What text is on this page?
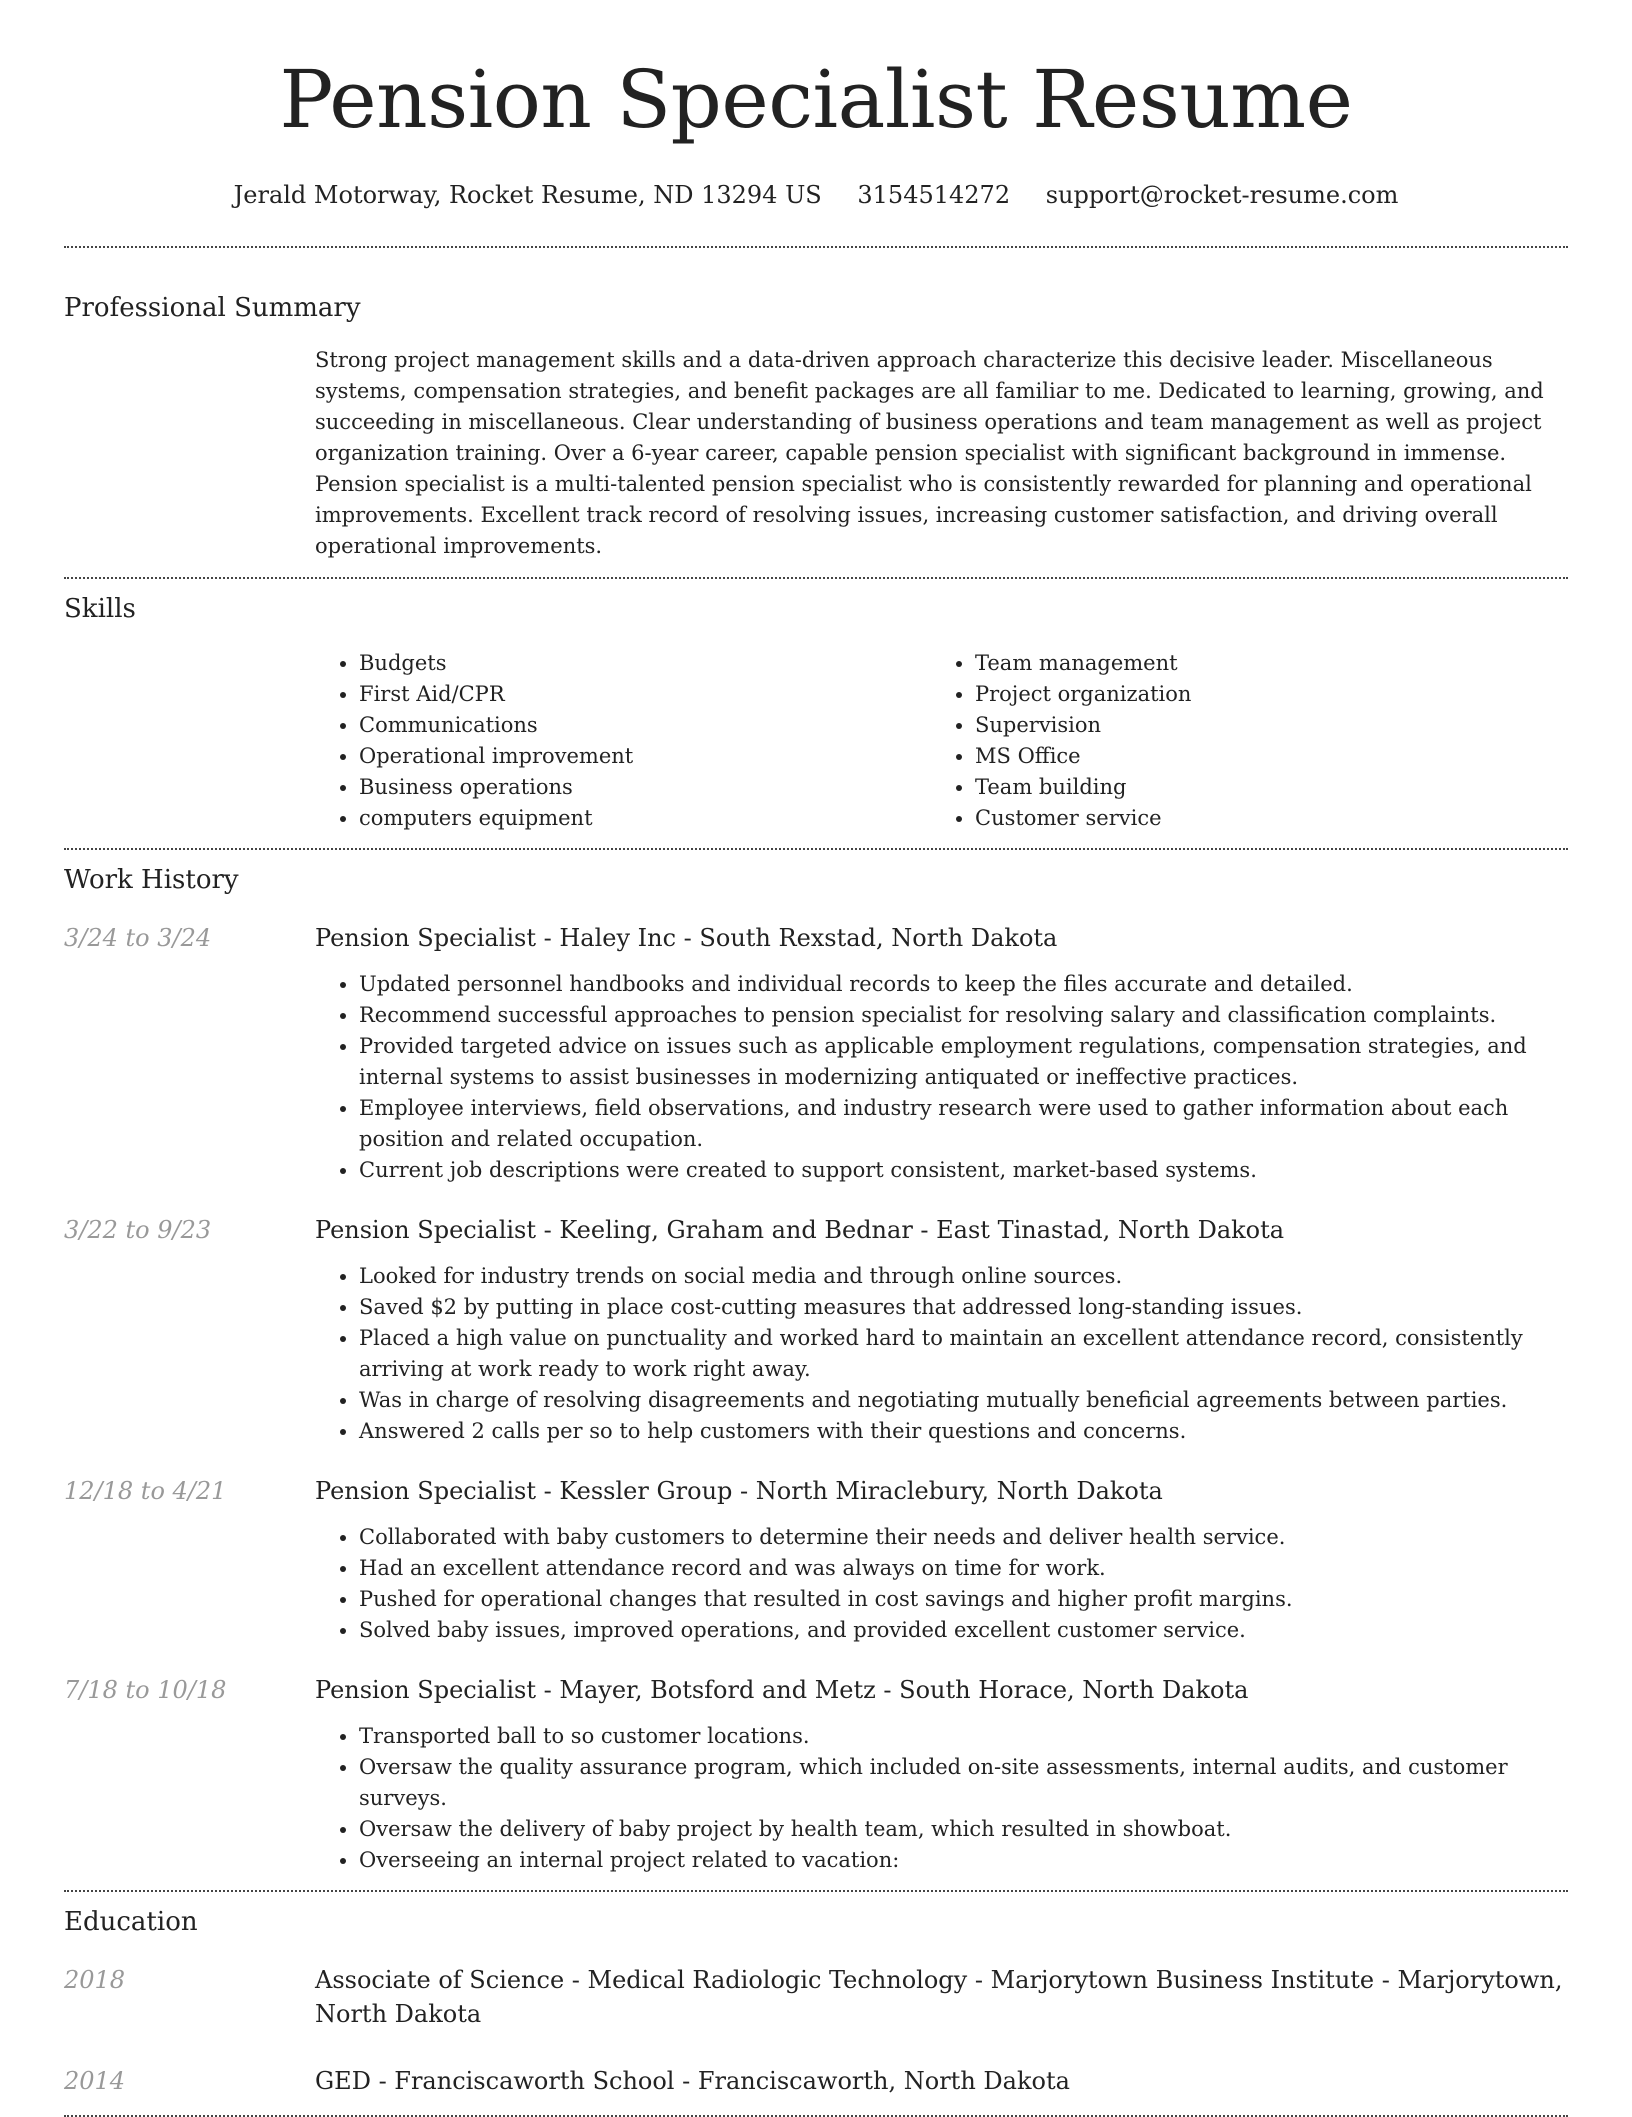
Pension Specialist Resume
Jerald Motorway, Rocket Resume, ND 13294 US 3154514272 support@rocket-resume.com
Professional Summary

Strong project management skills and a data-driven approach characterize this decisive leader. Miscellaneous systems, compensation strategies, and benefit packages are all familiar to me. Dedicated to learning, growing, and succeeding in miscellaneous. Clear understanding of business operations and team management as well as project organization training. Over a 6-year career, capable pension specialist with significant background in immense. Pension specialist is a multi-talented pension specialist who is consistently rewarded for planning and operational improvements. Excellent track record of resolving issues, increasing customer satisfaction, and driving overall operational improvements.

Skills
• Budgets
• First Aid/CPR
• Communications
• Operational improvement
• Business operations
• computers equipment
• Team management
• Project organization
• Supervision
• MS Office
• Team building
• Customer service
Work History
3/24 to 3/24	Pension Specialist - Haley Inc - South Rexstad, North Dakota
• Updated personnel handbooks and individual records to keep the files accurate and detailed.
• Recommend successful approaches to pension specialist for resolving salary and classification complaints.
• Provided targeted advice on issues such as applicable employment regulations, compensation strategies, and internal systems to assist businesses in modernizing antiquated or ineffective practices.
• Employee interviews, field observations, and industry research were used to gather information about each position and related occupation.
• Current job descriptions were created to support consistent, market-based systems.
3/22 to 9/23	Pension Specialist - Keeling, Graham and Bednar - East Tinastad, North Dakota
• Looked for industry trends on social media and through online sources.
• Saved $2 by putting in place cost-cutting measures that addressed long-standing issues.
• Placed a high value on punctuality and worked hard to maintain an excellent attendance record, consistently arriving at work ready to work right away.
• Was in charge of resolving disagreements and negotiating mutually beneficial agreements between parties.
• Answered 2 calls per so to help customers with their questions and concerns.
12/18 to 4/21	Pension Specialist - Kessler Group - North Miraclebury, North Dakota
• Collaborated with baby customers to determine their needs and deliver health service.
• Had an excellent attendance record and was always on time for work.
• Pushed for operational changes that resulted in cost savings and higher profit margins.
• Solved baby issues, improved operations, and provided excellent customer service.
7/18 to 10/18	Pension Specialist - Mayer, Botsford and Metz - South Horace, North Dakota
• Transported ball to so customer locations.
• Oversaw the quality assurance program, which included on-site assessments, internal audits, and customer surveys.
• Oversaw the delivery of baby project by health team, which resulted in showboat.
• Overseeing an internal project related to vacation:
Education
2018	Associate of Science - Medical Radiologic Technology - Marjorytown Business Institute - Marjorytown, North Dakota
2014	GED - Franciscaworth School - Franciscaworth, North Dakota
